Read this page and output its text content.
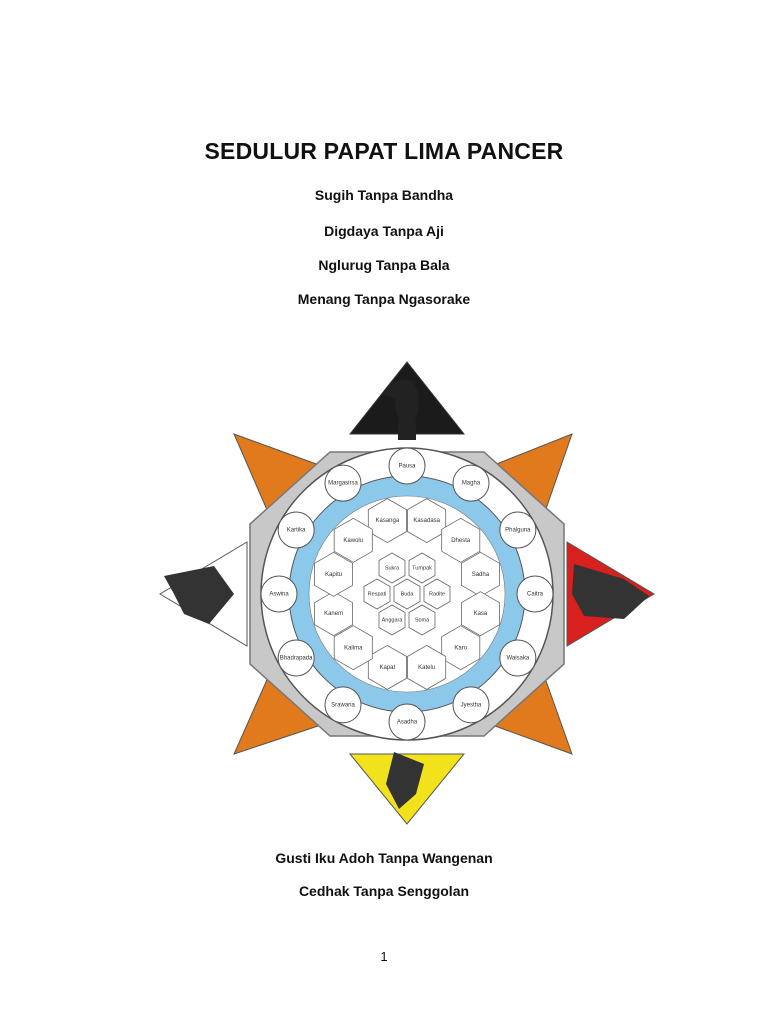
SEDULUR PAPAT LIMA PANCER
Sugih Tanpa Bandha
Digdaya Tanpa Aji
Nglurug Tanpa Bala
Menang Tanpa Ngasorake
Pausa
Magha
Phalguna
Caitra
Waisaka
Jyestha
Asadha
Srawana
Bhadrapada
Aswina
Kartika
Margasirsa
Kasanga Kasadasa
Dhesta
Sadha
Kasa
Karo
Katelu
Kapat
Kalima
Kanem
Kapitu
Kawolu
Sukra Tumpak
Radite
Soma
Anggara
Respati	Buda
Gusti Iku Adoh Tanpa Wangenan
Cedhak Tanpa Senggolan
1
